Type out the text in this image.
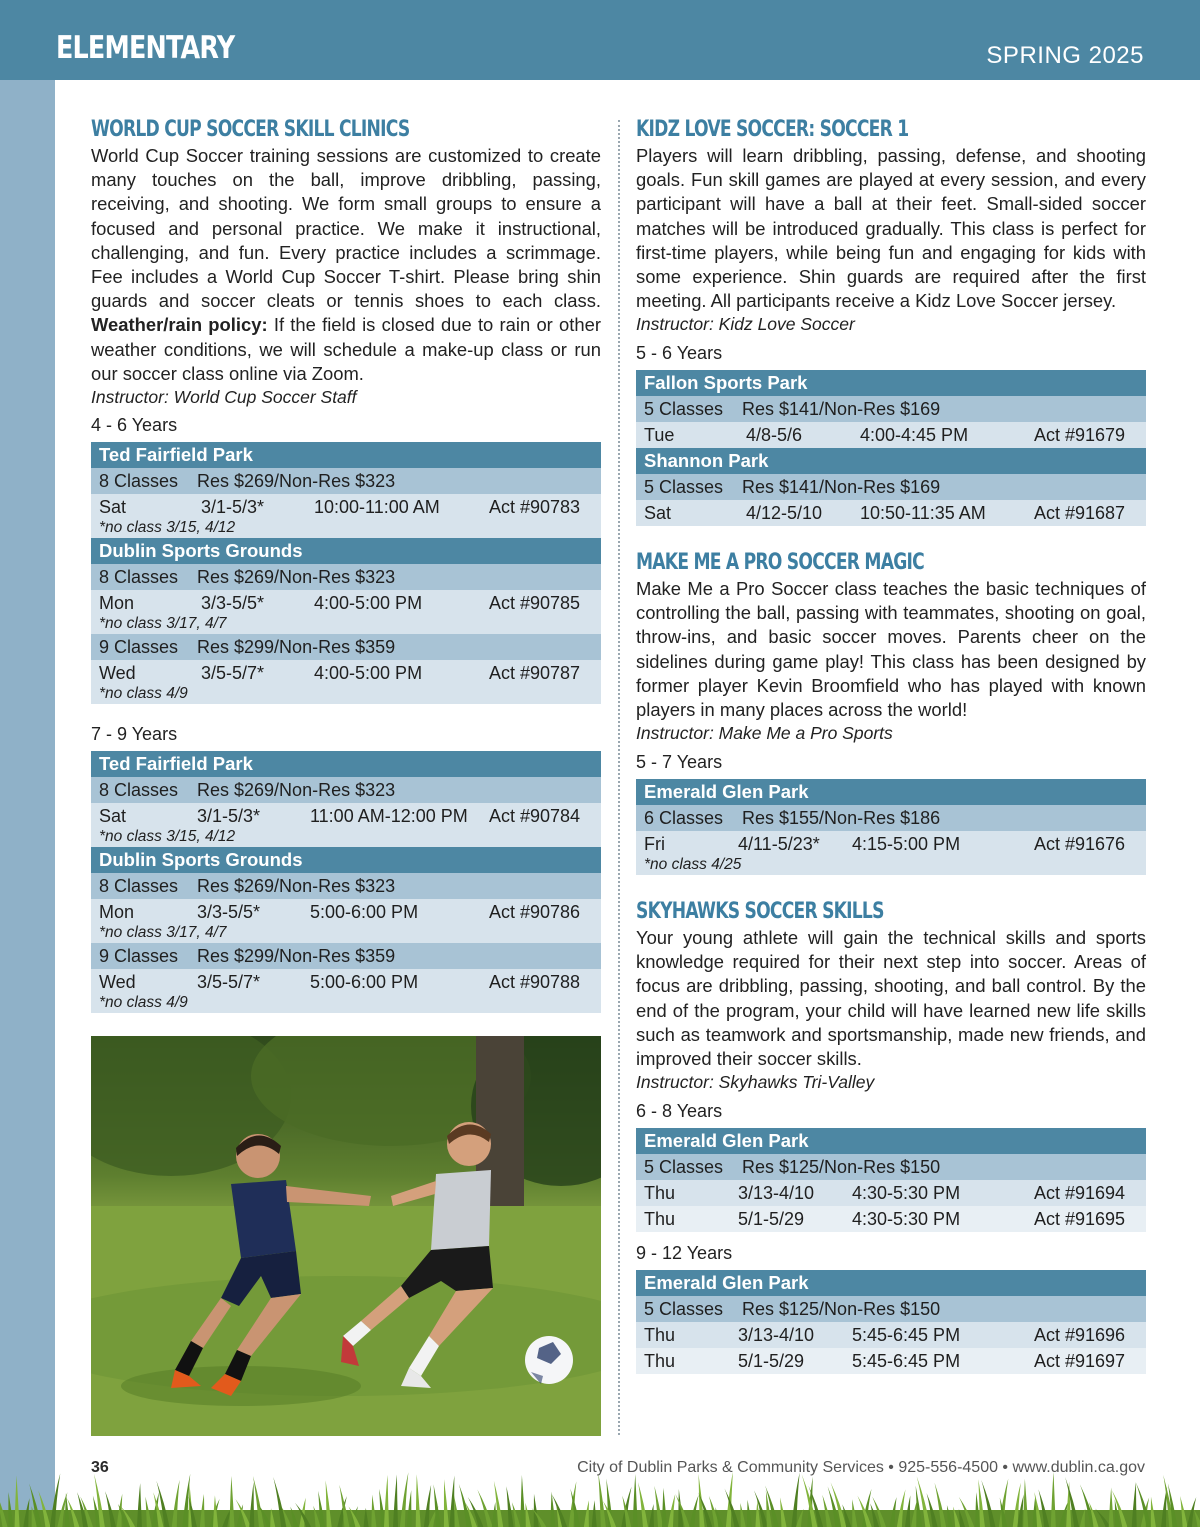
ELEMENTARY	SPRING 2025
WORLD CUP SOCCER SKILL CLINICS
World Cup Soccer training sessions are customized to create many touches on the ball, improve dribbling, passing, receiving, and shooting. We form small groups to ensure a focused and personal practice. We make it instructional, challenging, and fun. Every practice includes a scrimmage. Fee includes a World Cup Soccer T-shirt. Please bring shin guards and soccer cleats or tennis shoes to each class. Weather/rain policy: If the field is closed due to rain or other weather conditions, we will schedule a make-up class or run our soccer class online via Zoom.
Instructor: World Cup Soccer Staff
4 - 6 Years
Ted Fairfield Park
8 Classes Res $269/Non-Res $323
Sat	3/1-5/3*	10:00-11:00 AM	Act #90783
*no class 3/15, 4/12
Dublin Sports Grounds
8 Classes Res $269/Non-Res $323
Mon	3/3-5/5*	4:00-5:00 PM	Act #90785
*no class 3/17, 4/7
9 Classes Res $299/Non-Res $359
Wed	3/5-5/7*	4:00-5:00 PM	Act #90787
*no class 4/9
7 - 9 Years
Ted Fairfield Park
8 Classes Res $269/Non-Res $323
Sat	3/1-5/3*	11:00 AM-12:00 PM Act #90784
*no class 3/15, 4/12
Dublin Sports Grounds
8 Classes Res $269/Non-Res $323
Mon	3/3-5/5*	5:00-6:00 PM	Act #90786
*no class 3/17, 4/7
9 Classes Res $299/Non-Res $359
Wed	3/5-5/7*	5:00-6:00 PM	Act #90788
*no class 4/9
KIDZ LOVE SOCCER: SOCCER 1
Players will learn dribbling, passing, defense, and shooting goals. Fun skill games are played at every session, and every participant will have a ball at their feet. Small-sided soccer matches will be introduced gradually. This class is perfect for first-time players, while being fun and engaging for kids with some experience. Shin guards are required after the first meeting. All participants receive a Kidz Love Soccer jersey.
Instructor: Kidz Love Soccer
5 - 6 Years
Fallon Sports Park
5 Classes Res $141/Non-Res $169
Tue	4/8-5/6	4:00-4:45 PM	Act #91679
Shannon Park
5 Classes Res $141/Non-Res $169
Sat	4/12-5/10 10:50-11:35 AM	Act #91687
MAKE ME A PRO SOCCER MAGIC
Make Me a Pro Soccer class teaches the basic techniques of controlling the ball, passing with teammates, shooting on goal, throw-ins, and basic soccer moves. Parents cheer on the sidelines during game play! This class has been designed by former player Kevin Broomfield who has played with known players in many places across the world!
Instructor: Make Me a Pro Sports
5 - 7 Years
Emerald Glen Park
6 Classes Res $155/Non-Res $186
Fri	4/11-5/23* 4:15-5:00 PM	Act #91676
*no class 4/25
SKYHAWKS SOCCER SKILLS
Your young athlete will gain the technical skills and sports knowledge required for their next step into soccer. Areas of focus are dribbling, passing, shooting, and ball control. By the end of the program, your child will have learned new life skills such as teamwork and sportsmanship, made new friends, and improved their soccer skills.
Instructor: Skyhawks Tri-Valley
6 - 8 Years
Emerald Glen Park
5 Classes Res $125/Non-Res $150
Thu	3/13-4/10 4:30-5:30 PM	Act #91694
Thu	5/1-5/29	4:30-5:30 PM	Act #91695
9 - 12 Years
Emerald Glen Park
5 Classes Res $125/Non-Res $150
Thu	3/13-4/10 5:45-6:45 PM	Act #91696
Thu	5/1-5/29	5:45-6:45 PM	Act #91697
36	City of Dublin Parks & Community Services • 925-556-4500 • www.dublin.ca.gov
